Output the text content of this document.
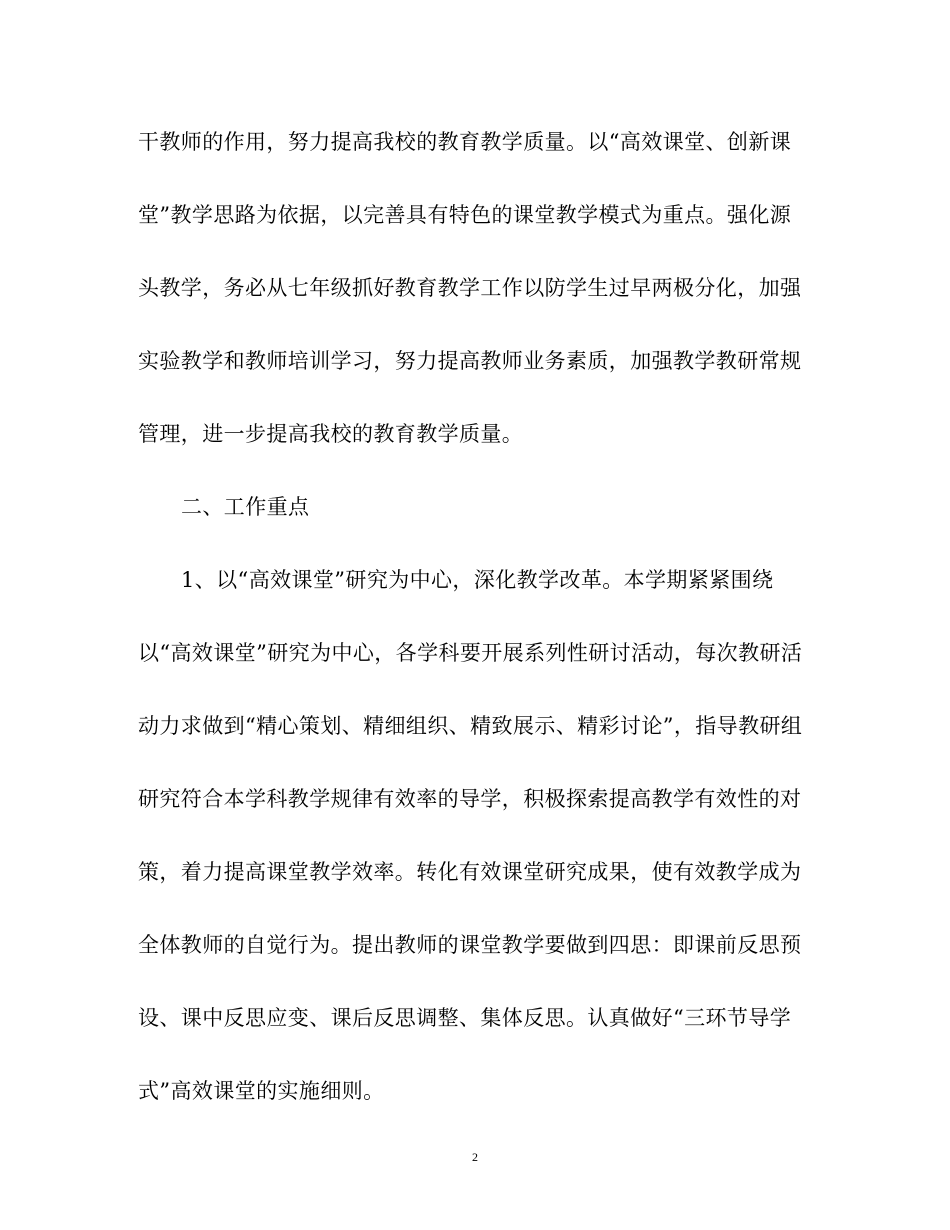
干教师的作用，努力提高我校的教育教学质量。以“高效课堂、创新课
堂”教学思路为依据，以完善具有特色的课堂教学模式为重点。强化源
头教学，务必从七年级抓好教育教学工作以防学生过早两极分化，加强
实验教学和教师培训学习，努力提高教师业务素质，加强教学教研常规
管理，进一步提高我校的教育教学质量。
二、工作重点
1、以“高效课堂”研究为中心，深化教学改革。本学期紧紧围绕
以“高效课堂”研究为中心，各学科要开展系列性研讨活动，每次教研活
动力求做到“精心策划、精细组织、精致展示、精彩讨论”，指导教研组
研究符合本学科教学规律有效率的导学，积极探索提高教学有效性的对
策，着力提高课堂教学效率。转化有效课堂研究成果，使有效教学成为
全体教师的自觉行为。提出教师的课堂教学要做到四思：即课前反思预
设、课中反思应变、课后反思调整、集体反思。认真做好“三环节导学
式”高效课堂的实施细则。
2
